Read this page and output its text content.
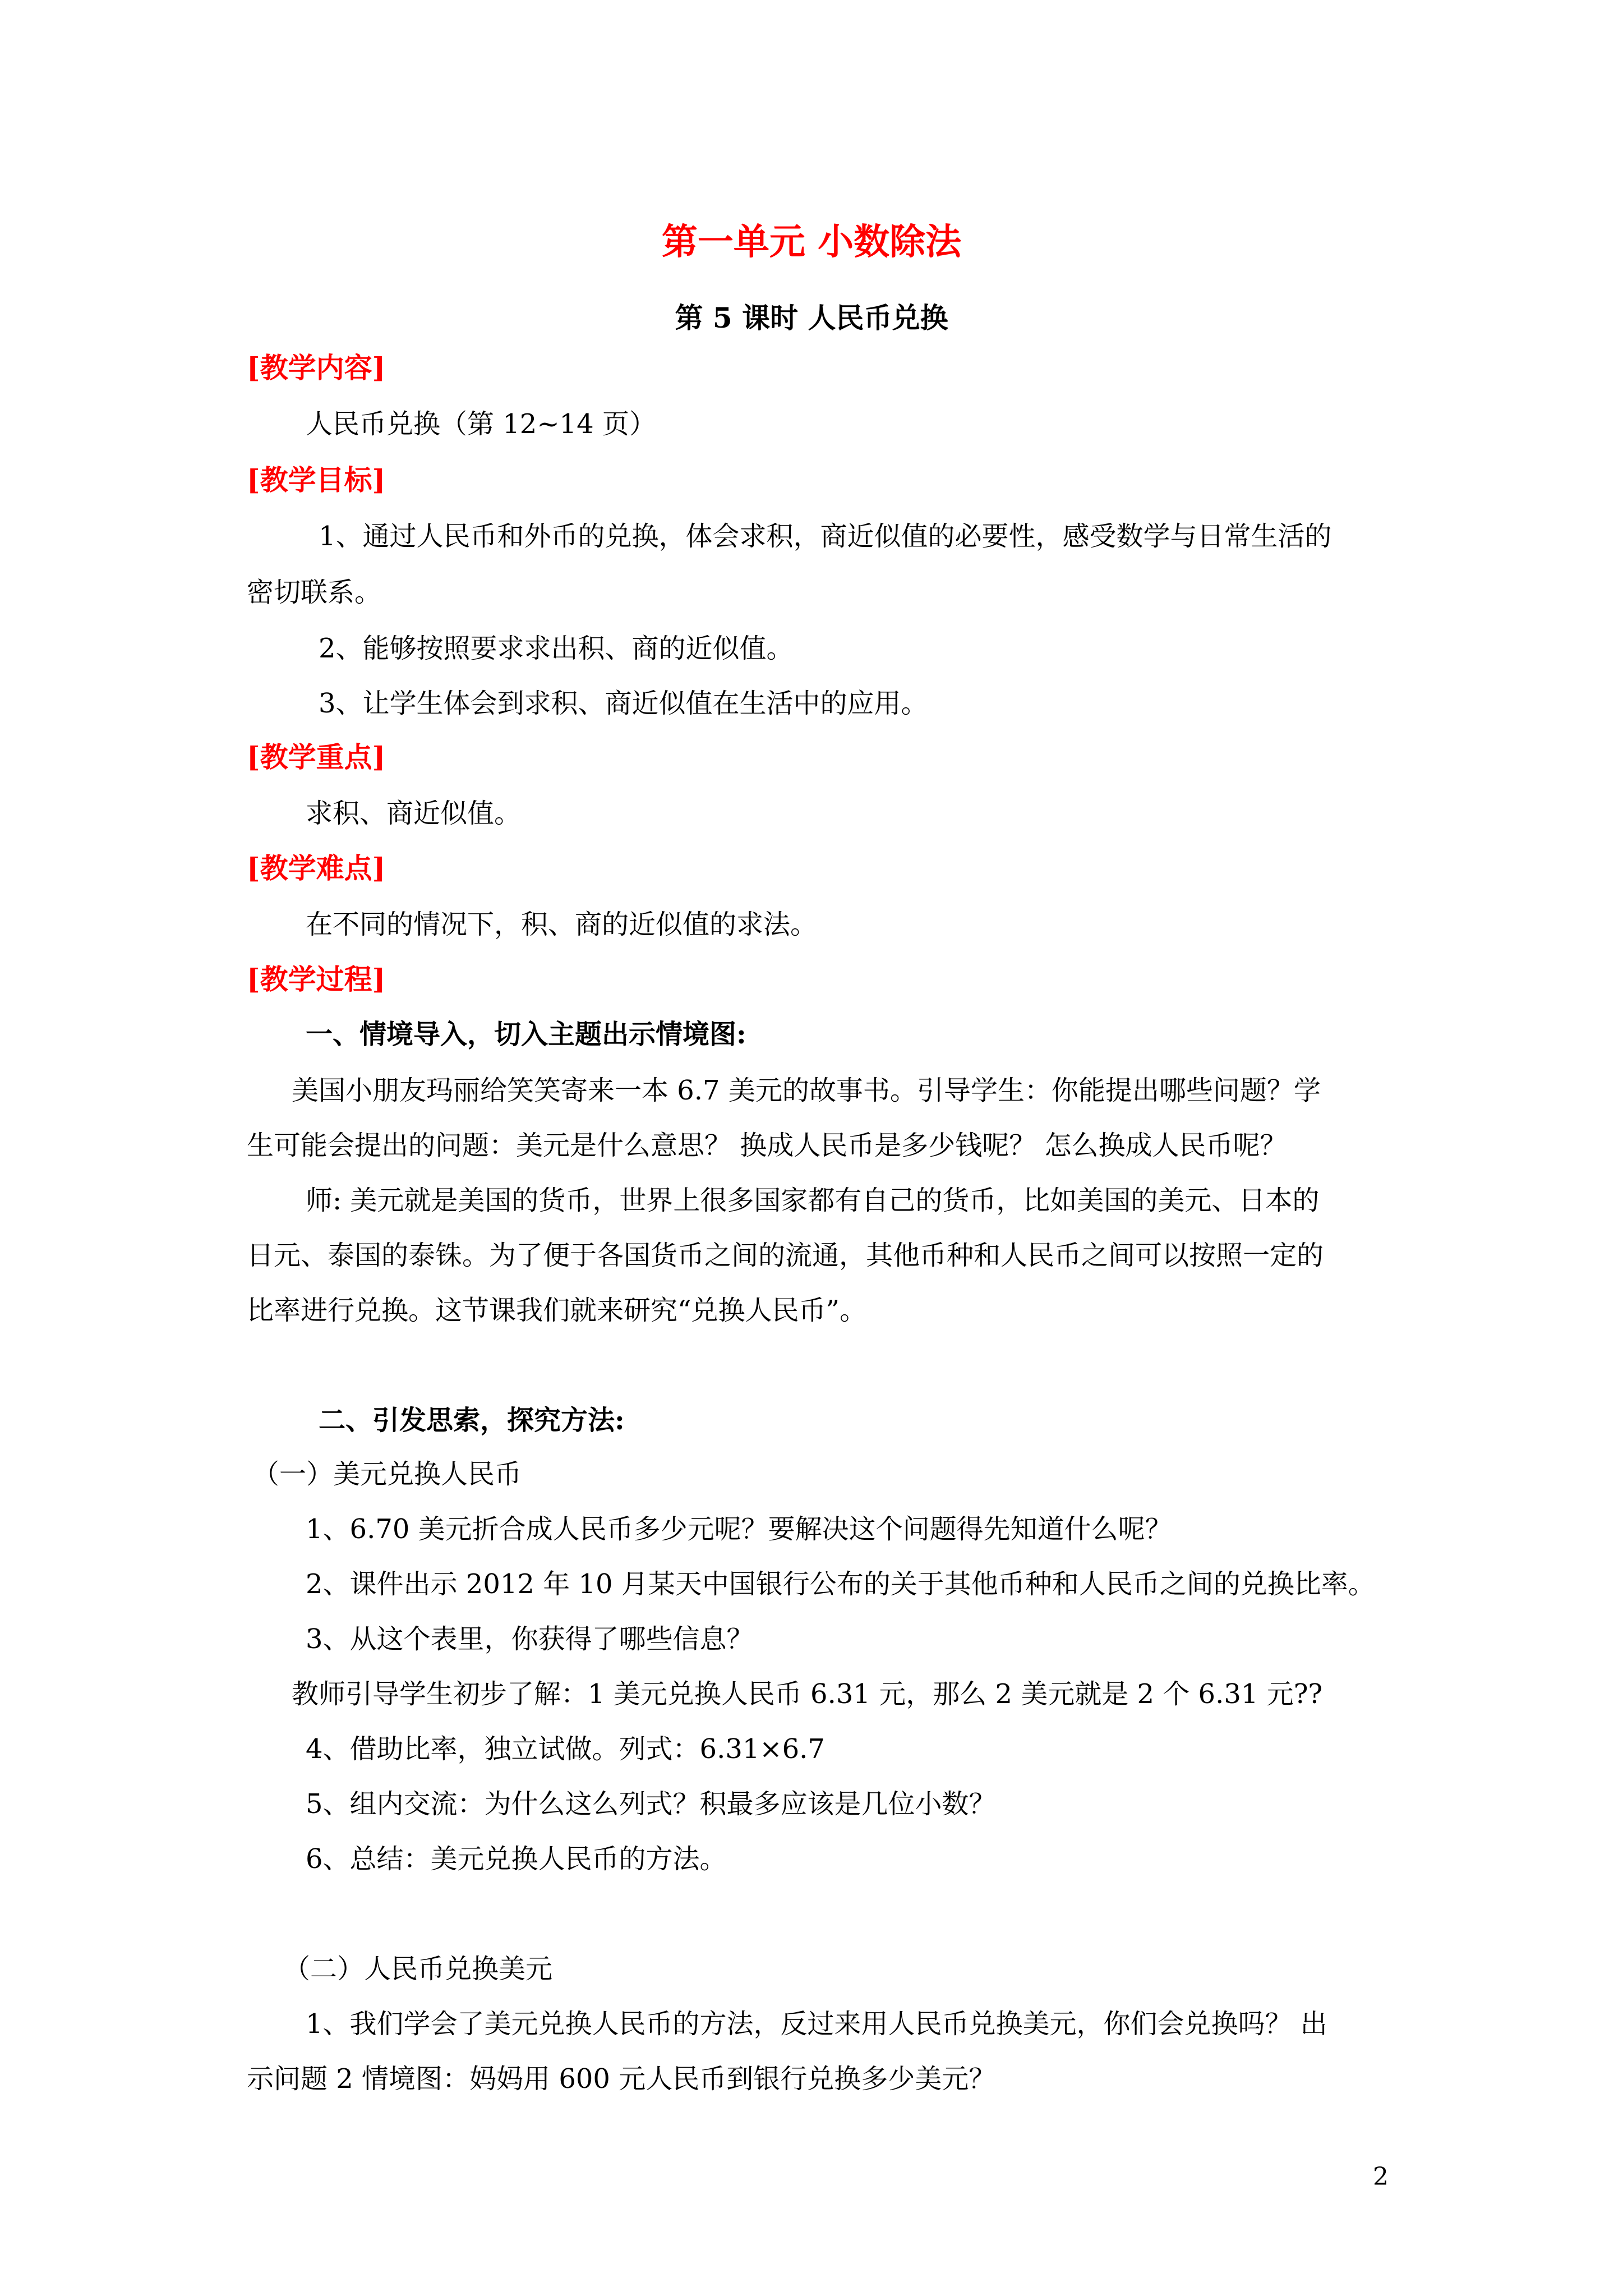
第一单元 小数除法
第 5 课时 人民币兑换
[教学内容]
人民币兑换（第 12~14 页）
[教学目标]
1、通过人民币和外币的兑换，体会求积，商近似值的必要性，感受数学与日常生活的
密切联系。
2、能够按照要求求出积、商的近似值。
3、让学生体会到求积、商近似值在生活中的应用。
[教学重点]
求积、商近似值。
[教学难点]
在不同的情况下，积、商的近似值的求法。
[教学过程]
一、情境导入，切入主题出示情境图:
美国小朋友玛丽给笑笑寄来一本 6.7 美元的故事书。引导学生：你能提出哪些问题？学
生可能会提出的问题：美元是什么意思？ 换成人民币是多少钱呢？ 怎么换成人民币呢？
师: 美元就是美国的货币，世界上很多国家都有自己的货币，比如美国的美元、日本的
日元、泰国的泰铢。为了便于各国货币之间的流通，其他币种和人民币之间可以按照一定的
比率进行兑换。这节课我们就来研究“兑换人民币”。
二、引发思索，探究方法:
（一）美元兑换人民币
1、6.70 美元折合成人民币多少元呢？要解决这个问题得先知道什么呢？
2、课件出示 2012 年 10 月某天中国银行公布的关于其他币种和人民币之间的兑换比率。
3、从这个表里，你获得了哪些信息？
教师引导学生初步了解：1 美元兑换人民币 6.31 元，那么 2 美元就是 2 个 6.31 元??
4、借助比率，独立试做。列式：6.31×6.7
5、组内交流：为什么这么列式？积最多应该是几位小数？
6、总结：美元兑换人民币的方法。
（二）人民币兑换美元
1、我们学会了美元兑换人民币的方法，反过来用人民币兑换美元，你们会兑换吗？ 出
示问题 2 情境图：妈妈用 600 元人民币到银行兑换多少美元？
2
